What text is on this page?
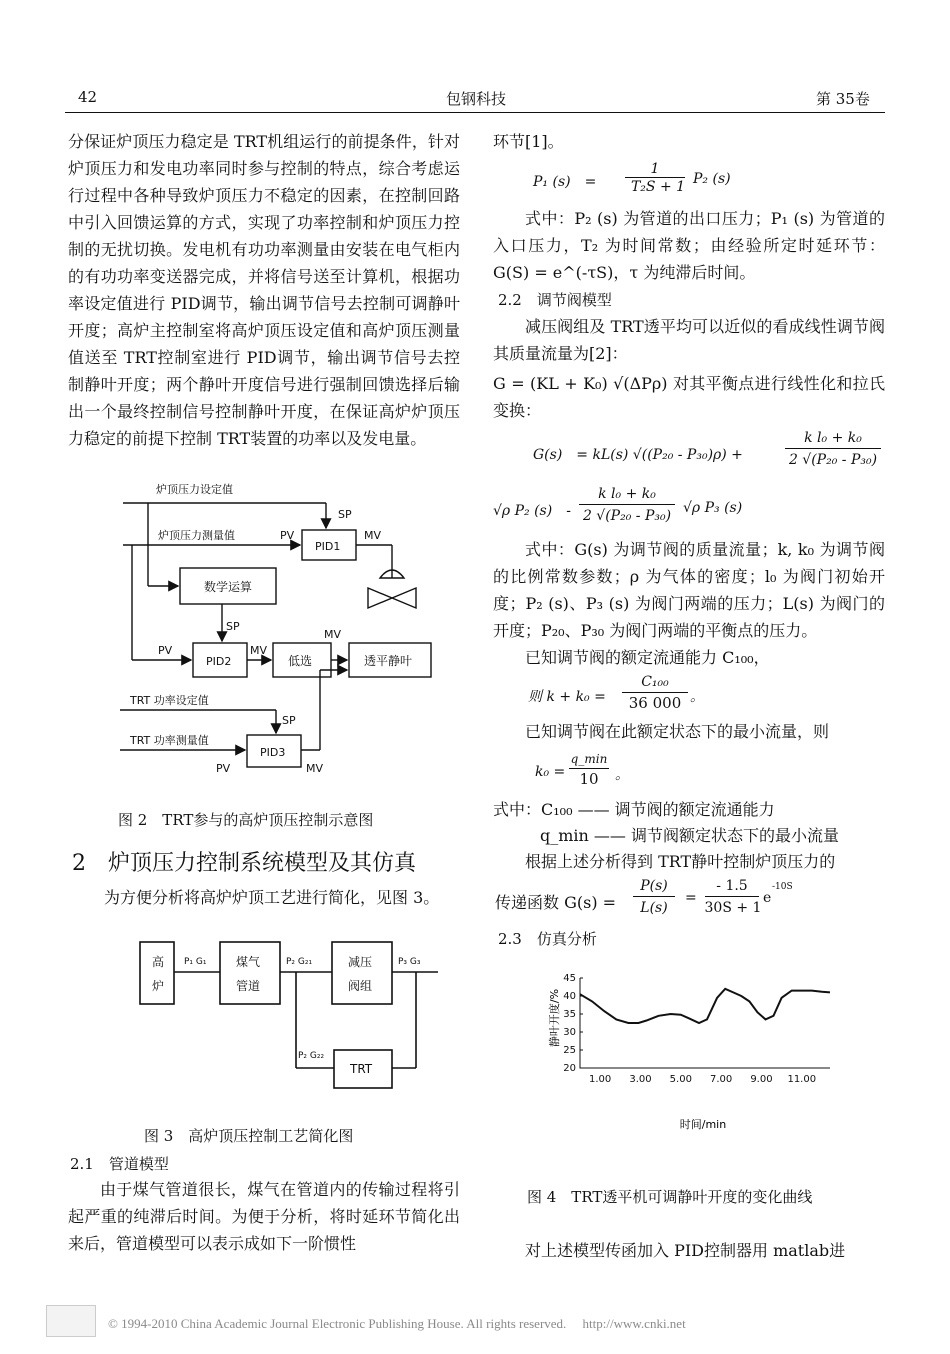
42	包钢科技	第 35卷

分保证炉顶压力稳定是 TRT机组运行的前提条件，针对炉顶压力和发电功率同时参与控制的特点，综合考虑运行过程中各种导致炉顶压力不稳定的因素，在控制回路中引入回馈运算的方式，实现了功率控制和炉顶压力控制的无扰切换。发电机有功功率测量由安装在电气柜内的有功功率变送器完成，并将信号送至计算机，根据功率设定值进行 PID调节，输出调节信号去控制可调静叶开度；高炉主控制室将高炉顶压设定值和高炉顶压测量值送至 TRT控制室进行 PID调节，输出调节信号去控制静叶开度；两个静叶开度信号进行强制回馈选择后输出一个最终控制信号控制静叶开度，在保证高炉炉顶压力稳定的前提下控制 TRT装置的功率以及发电量。

炉顶压力设定值
炉顶压力测量值	PV
SP
MV
PID1
数学运算
SP
PV
PID2
MV
低选
MV
透平静叶
TRT 功率设定值
SP
TRT 功率测量值
PID3
PV	MV
图 2　TRT参与的高炉顶压控制示意图
2　炉顶压力控制系统模型及其仿真
为方便分析将高炉炉顶工艺进行简化，见图 3。
高
炉
煤气
管道
减压
阀组
TRT
P₁ G₁	P₂ G₂₁	P₃ G₃
P₂ G₂₂
图 3　高炉顶压控制工艺简化图
2.1　管道模型
由于煤气管道很长，煤气在管道内的传输过程将引起严重的纯滞后时间。为便于分析，将时延环节简化出来后，管道模型可以表示成如下一阶惯性
环节[1]。
P₁ (s)　=
1
T₂S + 1 P₂ (s)
式中：P₂ (s) 为管道的出口压力；P₁ (s) 为管道的入口压力，T₂ 为时间常数；由经验所定时延环节：G(S) = e^(-τS)，τ 为纯滞后时间。
2.2　调节阀模型
减压阀组及 TRT透平均可以近似的看成线性调节阀其质量流量为[2]：
G = (KL + K₀) √(ΔPρ) 对其平衡点进行线性化和拉氏变换：
G(s)　= kL(s) √((P₂₀ - P₃₀)ρ) +
k l₀ + k₀
2 √(P₂₀ - P₃₀)
√ρ P₂ (s)　-
k l₀ + k₀
2 √(P₂₀ - P₃₀) √ρ P₃ (s)
式中：G(s) 为调节阀的质量流量；k, k₀ 为调节阀的比例常数参数；ρ 为气体的密度；l₀ 为阀门初始开度；P₂ (s)、P₃ (s) 为阀门两端的压力；L(s) 为阀门的开度；P₂₀、P₃₀ 为阀门两端的平衡点的压力。
已知调节阀的额定流通能力 C₁₀₀，
则 k + k₀ =
C₁₀₀
36 000 。
已知调节阀在此额定状态下的最小流量，则
k₀ =
q_min
10	。
式中：C₁₀₀ —— 调节阀的额定流通能力
q_min —— 调节阀额定状态下的最小流量
根据上述分析得到 TRT静叶控制炉顶压力的
传递函数 G(s) =
P(s)
L(s)
=
- 1.5
30S + 1
e
-10S
2.3　仿真分析
静叶开度/%
时间/min
45
40
35
30
25
20
1.00 3.00 5.00 7.00 9.00 11.00
图 4　TRT透平机可调静叶开度的变化曲线
对上述模型传函加入 PID控制器用 matlab进
© 1994-2010 China Academic Journal Electronic Publishing House. All rights reserved.　 http://www.cnki.net
